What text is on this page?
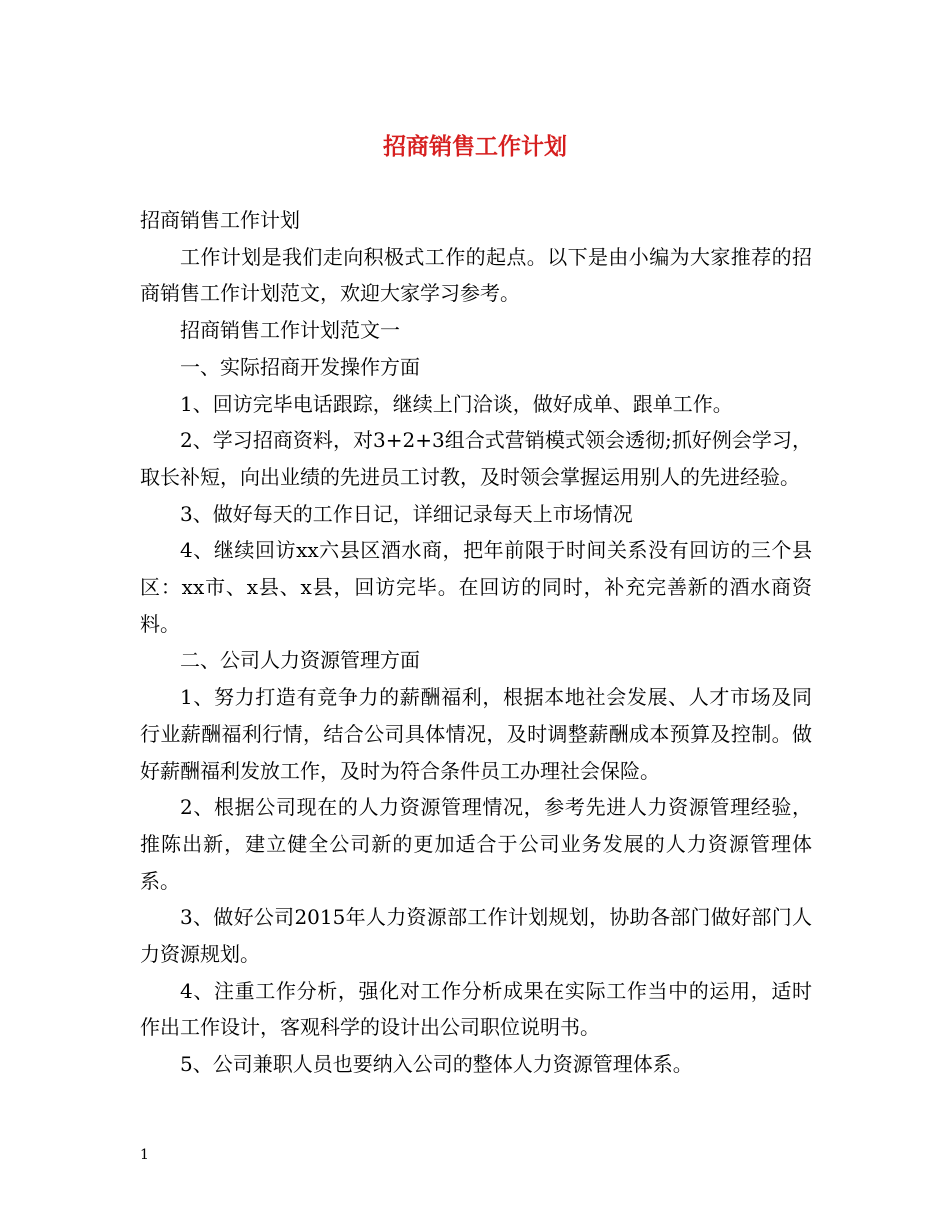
招商销售工作计划

招商销售工作计划

工作计划是我们走向积极式工作的起点。以下是由小编为大家推荐的招商销售工作计划范文，欢迎大家学习参考。

招商销售工作计划范文一

一、实际招商开发操作方面

1、回访完毕电话跟踪，继续上门洽谈，做好成单、跟单工作。

2、学习招商资料，对3+2+3组合式营销模式领会透彻;抓好例会学习，取长补短，向出业绩的先进员工讨教，及时领会掌握运用别人的先进经验。

3、做好每天的工作日记，详细记录每天上市场情况

4、继续回访xx六县区酒水商，把年前限于时间关系没有回访的三个县区：xx市、x县、x县，回访完毕。在回访的同时，补充完善新的酒水商资料。

二、公司人力资源管理方面

1、努力打造有竞争力的薪酬福利，根据本地社会发展、人才市场及同行业薪酬福利行情，结合公司具体情况，及时调整薪酬成本预算及控制。做好薪酬福利发放工作，及时为符合条件员工办理社会保险。

2、根据公司现在的人力资源管理情况，参考先进人力资源管理经验，推陈出新，建立健全公司新的更加适合于公司业务发展的人力资源管理体系。

3、做好公司2015年人力资源部工作计划规划，协助各部门做好部门人力资源规划。

4、注重工作分析，强化对工作分析成果在实际工作当中的运用，适时作出工作设计，客观科学的设计出公司职位说明书。

5、公司兼职人员也要纳入公司的整体人力资源管理体系。

1
